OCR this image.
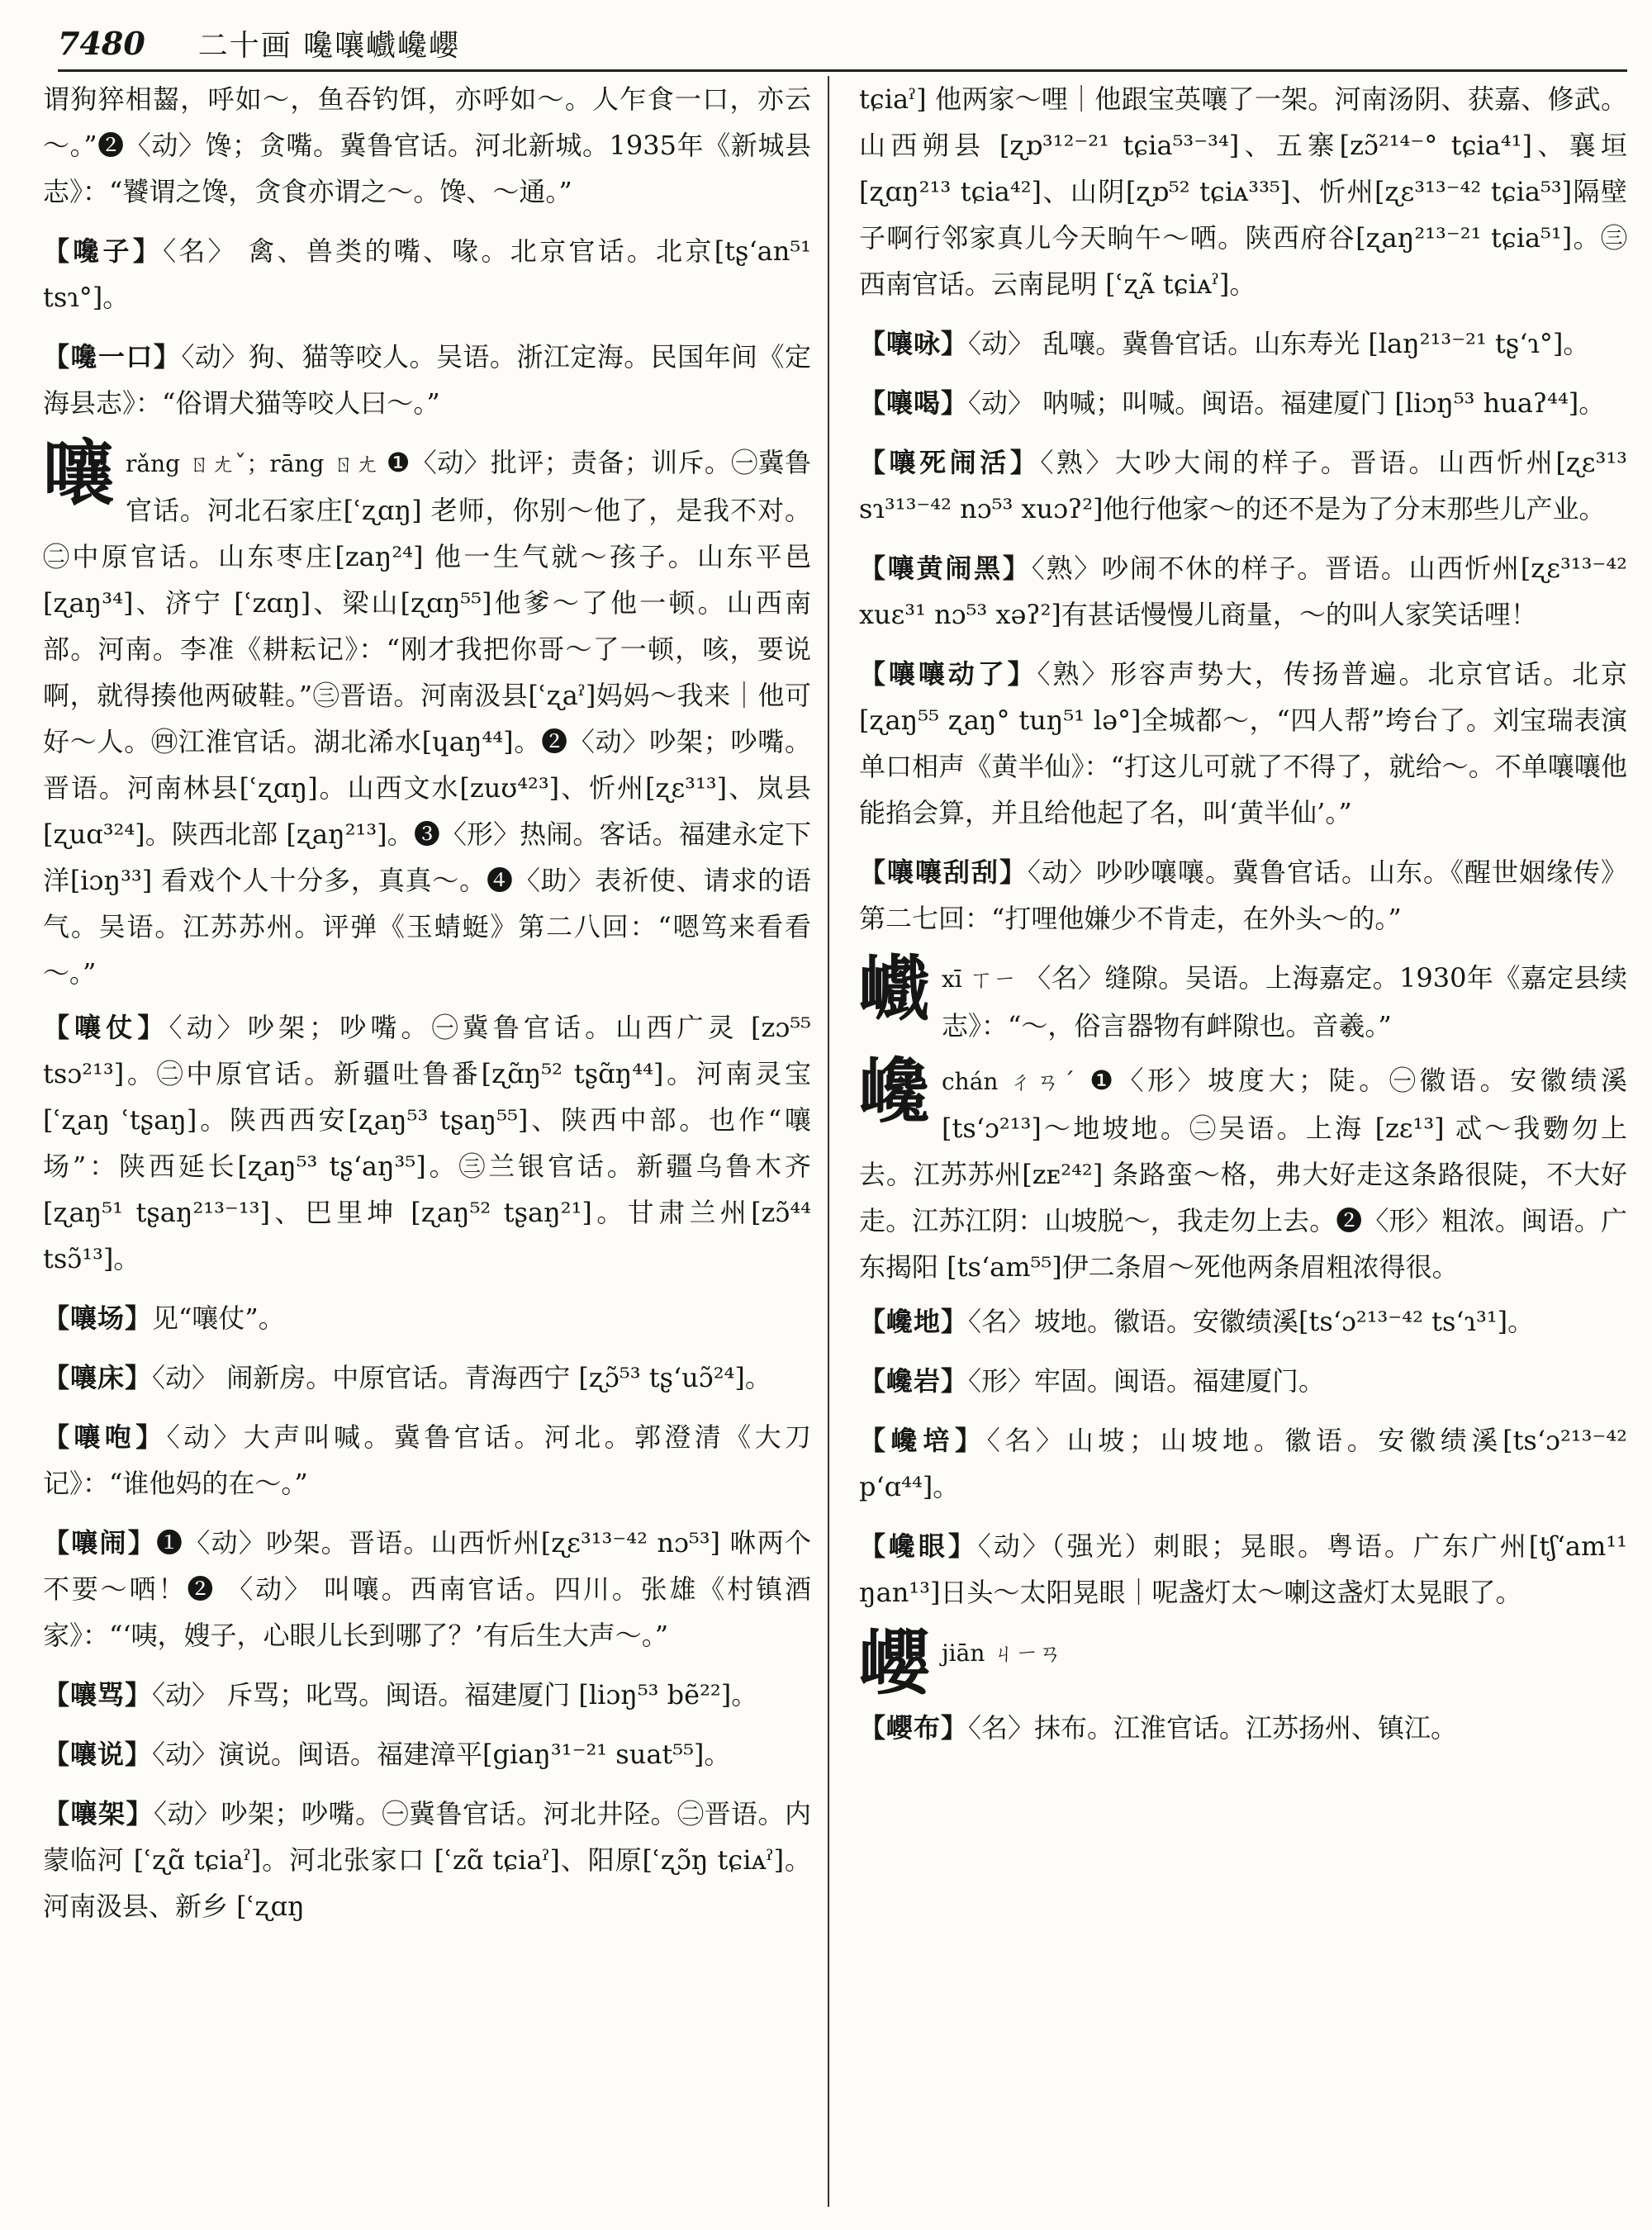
7480 二十画 嚵嚷巇巉巊

谓狗猝相齧，呼如～，鱼吞钓饵，亦呼如～。人乍食一口，亦云～。”❷〈动〉馋；贪嘴。冀鲁官话。河北新城。1935年《新城县志》：“饕谓之馋，贪食亦谓之～。馋、～通。”

【嚵子】〈名〉 禽、兽类的嘴、喙。北京官话。北京[tʂʻan⁵¹ tsɿ°]。

【嚵一口】〈动〉狗、猫等咬人。吴语。浙江定海。民国年间《定海县志》：“俗谓犬猫等咬人曰～。”

嚷rǎng ㄖㄤˇ；rāng ㄖㄤ ❶〈动〉批评；责备；训斥。㊀冀鲁官话。河北石家庄[ʿʐɑŋ] 老师，你别～他了，是我不对。㊁中原官话。山东枣庄[zaŋ²⁴] 他一生气就～孩子。山东平邑 [ʐaŋ³⁴]、济宁 [ʿzɑŋ]、梁山[ʐɑŋ⁵⁵]他爹～了他一顿。山西南部。河南。李准《耕耘记》：“刚才我把你哥～了一顿，咳，要说啊，就得揍他两破鞋。”㊂晋语。河南汲县[ʿʐaˀ]妈妈～我来｜他可好～人。㊃江淮官话。湖北浠水[ɥaŋ⁴⁴]。❷〈动〉吵架；吵嘴。晋语。河南林县[ʿʐɑŋ]。山西文水[zuʊ⁴²³]、忻州[ʐɛ³¹³]、岚县 [ʐuɑ³²⁴]。陕西北部 [ʐaŋ²¹³]。❸〈形〉热闹。客话。福建永定下洋[iɔŋ³³] 看戏个人十分多，真真～。❹〈助〉表祈使、请求的语气。吴语。江苏苏州。评弹《玉蜻蜓》第二八回：“嗯笃来看看～。”

【嚷仗】〈动〉吵架；吵嘴。㊀冀鲁官话。山西广灵 [zɔ⁵⁵ tsɔ²¹³]。㊁中原官话。新疆吐鲁番[ʐɑ̃ŋ⁵² tʂɑ̃ŋ⁴⁴]。河南灵宝[ʿʐaŋ ʿtʂaŋ]。陕西西安[ʐaŋ⁵³ tʂaŋ⁵⁵]、陕西中部。也作“嚷场”：陕西延长[ʐaŋ⁵³ tʂʻaŋ³⁵]。㊂兰银官话。新疆乌鲁木齐 [ʐaŋ⁵¹ tʂaŋ²¹³⁻¹³]、巴里坤 [ʐaŋ⁵² tʂaŋ²¹]。甘肃兰州[zɔ̃⁴⁴ tsɔ̃¹³]。

【嚷场】见“嚷仗”。

【嚷床】〈动〉 闹新房。中原官话。青海西宁 [ʐɔ̃⁵³ tʂʻuɔ̃²⁴]。

【嚷咆】〈动〉大声叫喊。冀鲁官话。河北。郭澄清《大刀记》：“谁他妈的在～。”

【嚷闹】❶〈动〉吵架。晋语。山西忻州[ʐɛ³¹³⁻⁴² nɔ⁵³] 咻两个不要～哂！❷ 〈动〉 叫嚷。西南官话。四川。张雄《村镇酒家》：“‘咦，嫂子，心眼儿长到哪了？’有后生大声～。”

【嚷骂】〈动〉 斥骂；叱骂。闽语。福建厦门 [liɔŋ⁵³ bẽ²²]。

【嚷说】〈动〉演说。闽语。福建漳平[giaŋ³¹⁻²¹ suat⁵⁵]。

【嚷架】〈动〉吵架；吵嘴。㊀冀鲁官话。河北井陉。㊁晋语。内蒙临河 [ʿʐɑ̃ tɕiaˀ]。河北张家口 [ʿzɑ̃ tɕiaˀ]、阳原[ʿʐɔ̃ŋ tɕiᴀˀ]。河南汲县、新乡 [ʿʐɑŋ

tɕiaˀ] 他两家～哩｜他跟宝英嚷了一架。河南汤阴、获嘉、修武。山西朔县 [ʐɒ³¹²⁻²¹ tɕia⁵³⁻³⁴]、五寨[zɔ̃²¹⁴⁻° tɕia⁴¹]、襄垣[ʐɑŋ²¹³ tɕia⁴²]、山阴[ʐɒ⁵² tɕiᴀ³³⁵]、忻州[ʐɛ³¹³⁻⁴² tɕia⁵³]隔壁子啊行邻家真儿今天晌午～哂。陕西府谷[ʐaŋ²¹³⁻²¹ tɕia⁵¹]。㊂西南官话。云南昆明 [ʿʐᴀ̃ tɕiᴀˀ]。

【嚷咏】〈动〉 乱嚷。冀鲁官话。山东寿光 [laŋ²¹³⁻²¹ tʂʻɿ°]。

【嚷喝】〈动〉 呐喊；叫喊。闽语。福建厦门 [liɔŋ⁵³ huaʔ⁴⁴]。

【嚷死闹活】〈熟〉大吵大闹的样子。晋语。山西忻州[ʐɛ³¹³ sɿ³¹³⁻⁴² nɔ⁵³ xuɔʔ²]他行他家～的还不是为了分末那些儿产业。

【嚷黄闹黑】〈熟〉吵闹不休的样子。晋语。山西忻州[ʐɛ³¹³⁻⁴² xuɛ³¹ nɔ⁵³ xəʔ²]有甚话慢慢儿商量，～的叫人家笑话哩！

【嚷嚷动了】〈熟〉形容声势大，传扬普遍。北京官话。北京[ʐaŋ⁵⁵ ʐaŋ° tuŋ⁵¹ lə°]全城都～，“四人帮”垮台了。刘宝瑞表演单口相声《黄半仙》：“打这儿可就了不得了，就给～。不单嚷嚷他能掐会算，并且给他起了名，叫‘黄半仙’。”

【嚷嚷刮刮】〈动〉吵吵嚷嚷。冀鲁官话。山东。《醒世姻缘传》第二七回：“打哩他嫌少不肯走，在外头～的。”

巇xī ㄒㄧ 〈名〉缝隙。吴语。上海嘉定。1930年《嘉定县续志》：“～，俗言器物有衅隙也。音羲。”

巉chán ㄔㄢˊ ❶〈形〉坡度大；陡。㊀徽语。安徽绩溪[tsʻɔ²¹³]～地坡地。㊁吴语。上海 [zɛ¹³] 忒～我覅勿上去。江苏苏州[zᴇ²⁴²] 条路蛮～格，弗大好走这条路很陡，不大好走。江苏江阴：山坡脱～，我走勿上去。❷〈形〉粗浓。闽语。广东揭阳 [tsʻam⁵⁵]伊二条眉～死他两条眉粗浓得很。

【巉地】〈名〉坡地。徽语。安徽绩溪[tsʻɔ²¹³⁻⁴² tsʻɿ³¹]。

【巉岩】〈形〉牢固。闽语。福建厦门。

【巉培】〈名〉山坡；山坡地。徽语。安徽绩溪[tsʻɔ²¹³⁻⁴² pʻɑ⁴⁴]。

【巉眼】〈动〉（强光）刺眼；晃眼。粤语。广东广州[tʃʻam¹¹ ŋan¹³]日头～太阳晃眼｜呢盏灯太～喇这盏灯太晃眼了。

巊jiān ㄐㄧㄢ

【巊布】〈名〉抹布。江淮官话。江苏扬州、镇江。
